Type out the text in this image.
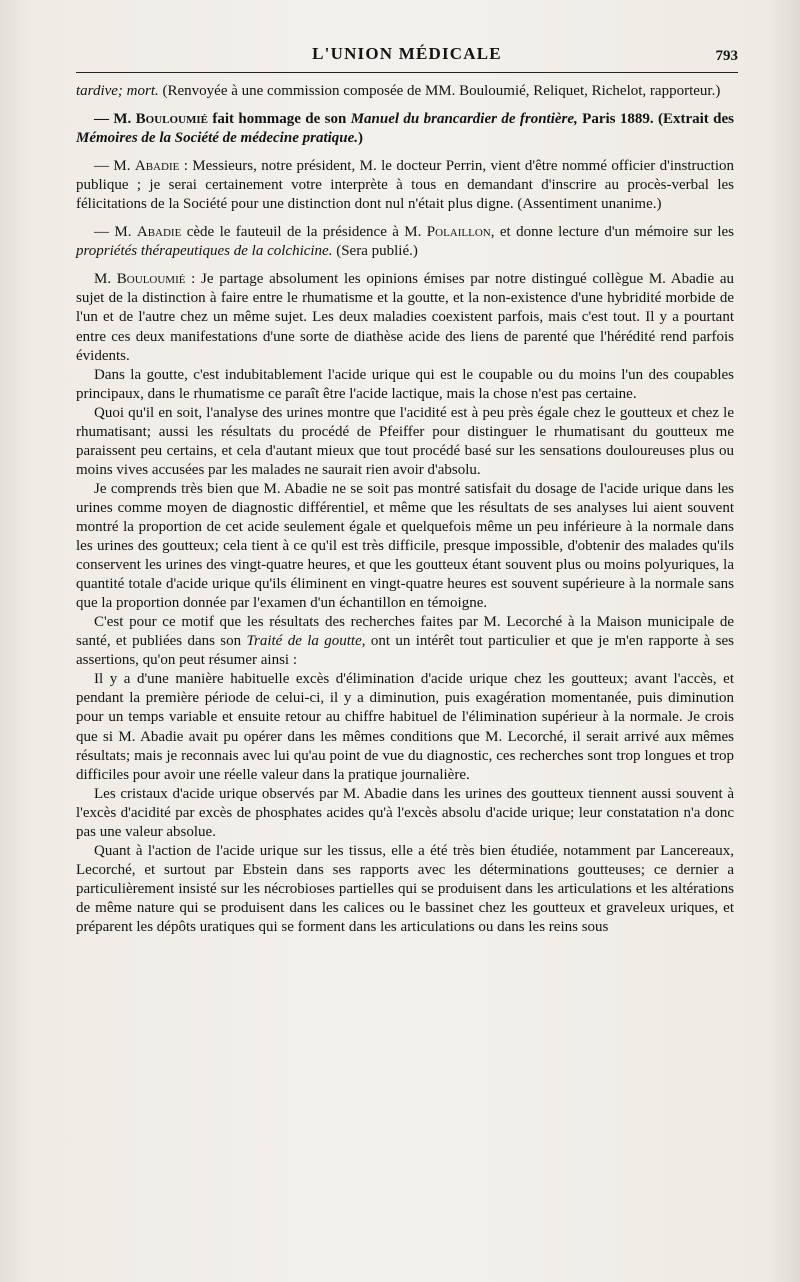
L'UNION MÉDICALE	793

tardive; mort. (Renvoyée à une commission composée de MM. Bouloumié, Reliquet, Richelot, rapporteur.)

— M. Bouloumié fait hommage de son Manuel du brancardier de frontière, Paris 1889. (Extrait des Mémoires de la Société de médecine pratique.)

— M. Abadie : Messieurs, notre président, M. le docteur Perrin, vient d'être nommé officier d'instruction publique ; je serai certainement votre interprète à tous en demandant d'inscrire au procès-verbal les félicitations de la Société pour une distinction dont nul n'était plus digne. (Assentiment unanime.)

— M. Abadie cède le fauteuil de la présidence à M. Polaillon, et donne lecture d'un mémoire sur les propriétés thérapeutiques de la colchicine. (Sera publié.)

M. Bouloumié : Je partage absolument les opinions émises par notre distingué collègue M. Abadie au sujet de la distinction à faire entre le rhumatisme et la goutte, et la non-existence d'une hybridité morbide de l'un et de l'autre chez un même sujet. Les deux maladies coexistent parfois, mais c'est tout. Il y a pourtant entre ces deux manifestations d'une sorte de diathèse acide des liens de parenté que l'hérédité rend parfois évidents.

Dans la goutte, c'est indubitablement l'acide urique qui est le coupable ou du moins l'un des coupables principaux, dans le rhumatisme ce paraît être l'acide lactique, mais la chose n'est pas certaine.

Quoi qu'il en soit, l'analyse des urines montre que l'acidité est à peu près égale chez le goutteux et chez le rhumatisant; aussi les résultats du procédé de Pfeiffer pour distinguer le rhumatisant du goutteux me paraissent peu certains, et cela d'autant mieux que tout procédé basé sur les sensations douloureuses plus ou moins vives accusées par les malades ne saurait rien avoir d'absolu.

Je comprends très bien que M. Abadie ne se soit pas montré satisfait du dosage de l'acide urique dans les urines comme moyen de diagnostic différentiel, et même que les résultats de ses analyses lui aient souvent montré la proportion de cet acide seulement égale et quelquefois même un peu inférieure à la normale dans les urines des goutteux; cela tient à ce qu'il est très difficile, presque impossible, d'obtenir des malades qu'ils conservent les urines des vingt-quatre heures, et que les goutteux étant souvent plus ou moins polyuriques, la quantité totale d'acide urique qu'ils éliminent en vingt-quatre heures est souvent supérieure à la normale sans que la proportion donnée par l'examen d'un échantillon en témoigne.

C'est pour ce motif que les résultats des recherches faites par M. Lecorché à la Maison municipale de santé, et publiées dans son Traité de la goutte, ont un intérêt tout particulier et que je m'en rapporte à ses assertions, qu'on peut résumer ainsi :

Il y a d'une manière habituelle excès d'élimination d'acide urique chez les goutteux; avant l'accès, et pendant la première période de celui-ci, il y a diminution, puis exagération momentanée, puis diminution pour un temps variable et ensuite retour au chiffre habituel de l'élimination supérieur à la normale. Je crois que si M. Abadie avait pu opérer dans les mêmes conditions que M. Lecorché, il serait arrivé aux mêmes résultats; mais je reconnais avec lui qu'au point de vue du diagnostic, ces recherches sont trop longues et trop difficiles pour avoir une réelle valeur dans la pratique journalière.

Les cristaux d'acide urique observés par M. Abadie dans les urines des goutteux tiennent aussi souvent à l'excès d'acidité par excès de phosphates acides qu'à l'excès absolu d'acide urique; leur constatation n'a donc pas une valeur absolue.

Quant à l'action de l'acide urique sur les tissus, elle a été très bien étudiée, notamment par Lancereaux, Lecorché, et surtout par Ebstein dans ses rapports avec les déterminations goutteuses; ce dernier a particulièrement insisté sur les nécrobioses partielles qui se produisent dans les articulations et les altérations de même nature qui se produisent dans les calices ou le bassinet chez les goutteux et graveleux uriques, et préparent les dépôts uratiques qui se forment dans les articulations ou dans les reins sous
